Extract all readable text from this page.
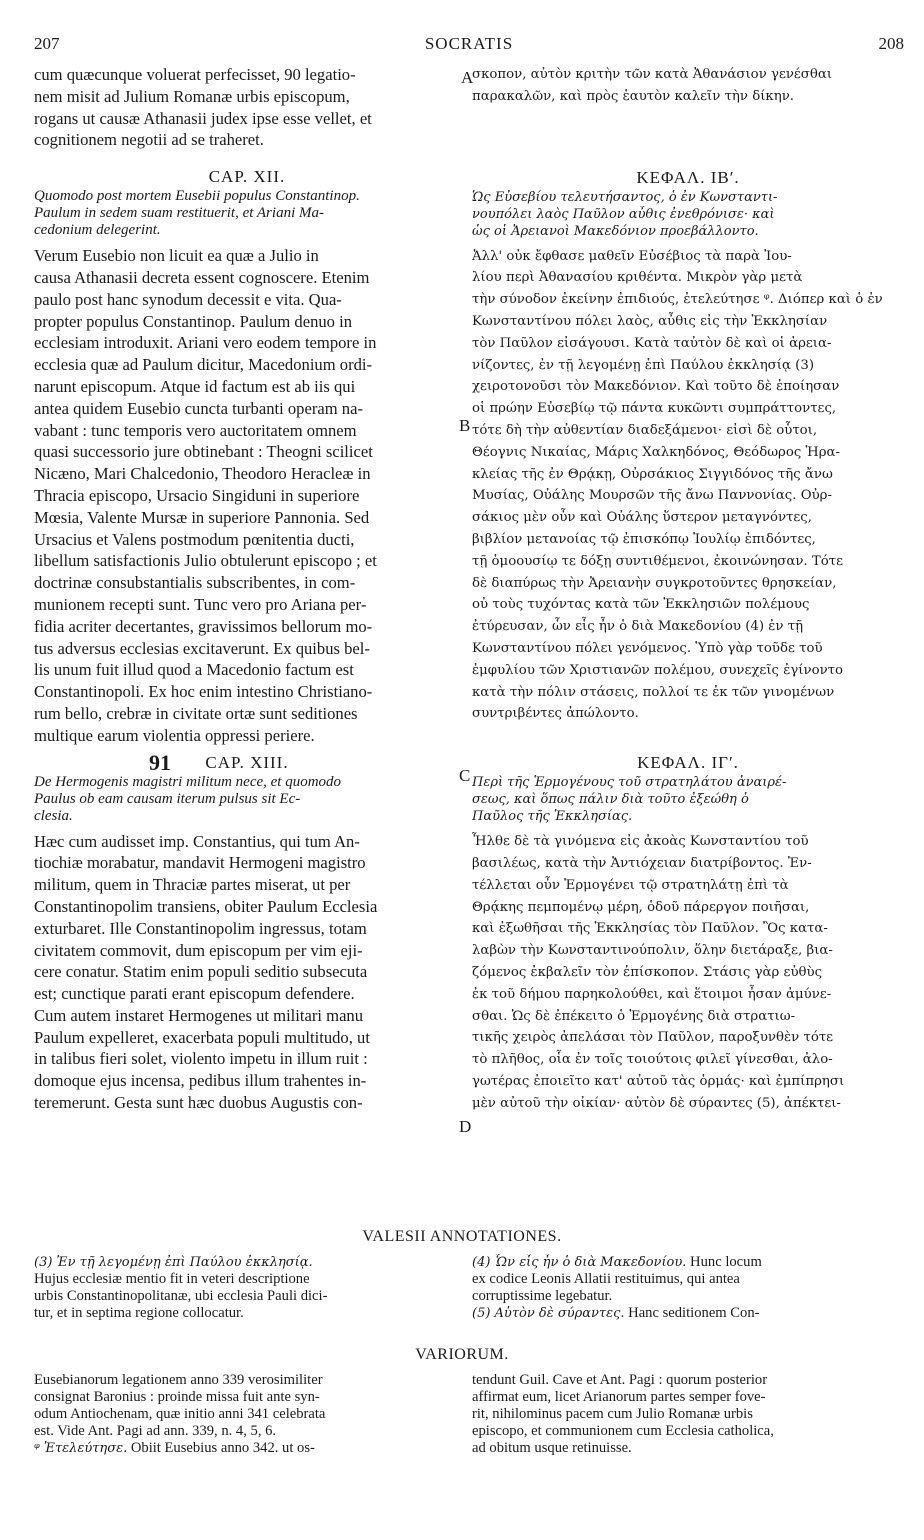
207	SOCRATIS	208
A
B
C
D
cum quæcunque voluerat perfecisset, 90 legatio-
nem misit ad Julium Romanæ urbis episcopum,
rogans ut causæ Athanasii judex ipse esse vellet, et
cognitionem negotii ad se traheret.
CAP. XII.
Quomodo post mortem Eusebii populus Constantinop.
Paulum in sedem suam restituerit, et Ariani Ma-
cedonium delegerint.
Verum Eusebio non licuit ea quæ a Julio in
causa Athanasii decreta essent cognoscere. Etenim
paulo post hanc synodum decessit e vita. Qua-
propter populus Constantinop. Paulum denuo in
ecclesiam introduxit. Ariani vero eodem tempore in
ecclesia quæ ad Paulum dicitur, Macedonium ordi-
narunt episcopum. Atque id factum est ab iis qui
antea quidem Eusebio cuncta turbanti operam na-
vabant : tunc temporis vero auctoritatem omnem
quasi successorio jure obtinebant : Theogni scilicet
Nicæno, Mari Chalcedonio, Theodoro Heracleæ in
Thracia episcopo, Ursacio Singiduni in superiore
Mœsia, Valente Mursæ in superiore Pannonia. Sed
Ursacius et Valens postmodum pœnitentia ducti,
libellum satisfactionis Julio obtulerunt episcopo ; et
doctrinæ consubstantialis subscribentes, in com-
munionem recepti sunt. Tunc vero pro Ariana per-
fidia acriter decertantes, gravissimos bellorum mo-
tus adversus ecclesias excitaverunt. Ex quibus bel-
lis unum fuit illud quod a Macedonio factum est
Constantinopoli. Ex hoc enim intestino Christiano-
rum bello, crebræ in civitate ortæ sunt seditiones
multique earum violentia oppressi periere.
91	CAP. XIII.
De Hermogenis magistri militum nece, et quomodo
Paulus ob eam causam iterum pulsus sit Ec-
clesia.
Hæc cum audisset imp. Constantius, qui tum An-
tiochiæ morabatur, mandavit Hermogeni magistro
militum, quem in Thraciæ partes miserat, ut per
Constantinopolim transiens, obiter Paulum Ecclesia
exturbaret. Ille Constantinopolim ingressus, totam
civitatem commovit, dum episcopum per vim eji-
cere conatur. Statim enim populi seditio subsecuta
est; cunctique parati erant episcopum defendere.
Cum autem instaret Hermogenes ut militari manu
Paulum expelleret, exacerbata populi multitudo, ut
in talibus fieri solet, violento impetu in illum ruit :
domoque ejus incensa, pedibus illum trahentes in-
teremerunt. Gesta sunt hæc duobus Augustis con-
σκοπον, αὐτὸν κριτὴν τῶν κατὰ Ἀθανάσιον γενέσθαι
παρακαλῶν, καὶ πρὸς ἑαυτὸν καλεῖν τὴν δίκην.
ΚΕΦΑΛ. ΙΒʹ.
Ὡς Εὐσεβίου τελευτήσαντος, ὁ ἐν Κωνσταντι-
νουπόλει λαὸς Παῦλον αὖθις ἐνεθρόνισε· καὶ
ὡς οἱ Ἀρειανοὶ Μακεδόνιον προεβάλλοντο.
Ἀλλ' οὐκ ἔφθασε μαθεῖν Εὐσέβιος τὰ παρὰ Ἰου-
λίου περὶ Ἀθανασίου κριθέντα. Μικρὸν γὰρ μετὰ
τὴν σύνοδον ἐκείνην ἐπιδιούς, ἐτελεύτησε ᵠ. Διόπερ καὶ ὁ ἐν
Κωνσταντίνου πόλει λαὸς, αὖθις εἰς τὴν Ἐκκλησίαν
τὸν Παῦλον εἰσάγουσι. Κατὰ ταὐτὸν δὲ καὶ οἱ ἀρεια-
νίζοντες, ἐν τῇ λεγομένῃ ἐπὶ Παύλου ἐκκλησίᾳ (3)
χειροτονοῦσι τὸν Μακεδόνιον. Καὶ τοῦτο δὲ ἐποίησαν
οἱ πρώην Εὐσεβίῳ τῷ πάντα κυκῶντι συμπράττοντες,
τότε δὴ τὴν αὐθεντίαν διαδεξάμενοι· εἰσὶ δὲ οὗτοι,
Θέογνις Νικαίας, Μάρις Χαλκηδόνος, Θεόδωρος Ἡρα-
κλείας τῆς ἐν Θρᾴκῃ, Οὐρσάκιος Σιγγιδόνος τῆς ἄνω
Μυσίας, Οὐάλης Μουρσῶν τῆς ἄνω Παννονίας. Οὐρ-
σάκιος μὲν οὖν καὶ Οὐάλης ὕστερον μεταγνόντες,
βιβλίον μετανοίας τῷ ἐπισκόπῳ Ἰουλίῳ ἐπιδόντες,
τῇ ὁμοουσίῳ τε δόξῃ συντιθέμενοι, ἐκοινώνησαν. Τότε
δὲ διαπύρως τὴν Ἀρειανὴν συγκροτοῦντες θρησκείαν,
οὐ τοὺς τυχόντας κατὰ τῶν Ἐκκλησιῶν πολέμους
ἐτύρευσαν, ὧν εἷς ἦν ὁ διὰ Μακεδονίου (4) ἐν τῇ
Κωνσταντίνου πόλει γενόμενος. Ὑπὸ γὰρ τοῦδε τοῦ
ἐμφυλίου τῶν Χριστιανῶν πολέμου, συνεχεῖς ἐγίνοντο
κατὰ τὴν πόλιν στάσεις, πολλοί τε ἐκ τῶν γινομένων
συντριβέντες ἀπώλοντο.
ΚΕΦΑΛ. ΙΓʹ.
Περὶ τῆς Ἑρμογένους τοῦ στρατηλάτου ἀναιρέ-
σεως, καὶ ὅπως πάλιν διὰ τοῦτο ἐξεώθη ὁ
Παῦλος τῆς Ἐκκλησίας.
Ἦλθε δὲ τὰ γινόμενα εἰς ἀκοὰς Κωνσταντίου τοῦ
βασιλέως, κατὰ τὴν Ἀντιόχειαν διατρίβοντος. Ἐν-
τέλλεται οὖν Ἑρμογένει τῷ στρατηλάτῃ ἐπὶ τὰ
Θρᾴκης πεμπομένῳ μέρη, ὁδοῦ πάρεργον ποιῆσαι,
καὶ ἐξωθῆσαι τῆς Ἐκκλησίας τὸν Παῦλον. Ὃς κατα-
λαβὼν τὴν Κωνσταντινούπολιν, ὅλην διετάραξε, βια-
ζόμενος ἐκβαλεῖν τὸν ἐπίσκοπον. Στάσις γὰρ εὐθὺς
ἐκ τοῦ δήμου παρηκολούθει, καὶ ἕτοιμοι ἦσαν ἀμύνε-
σθαι. Ὡς δὲ ἐπέκειτο ὁ Ἑρμογένης διὰ στρατιω-
τικῆς χειρὸς ἀπελάσαι τὸν Παῦλον, παροξυνθὲν τότε
τὸ πλῆθος, οἷα ἐν τοῖς τοιούτοις φιλεῖ γίνεσθαι, ἀλο-
γωτέρας ἐποιεῖτο κατ' αὐτοῦ τὰς ὁρμάς· καὶ ἐμπίπρησι
μὲν αὐτοῦ τὴν οἰκίαν· αὐτὸν δὲ σύραντες (5), ἀπέκτει-
VALESII ANNOTATIONES.
(3) Ἐν τῇ λεγομένῃ ἐπὶ Παύλου ἐκκλησίᾳ.
Hujus ecclesiæ mentio fit in veteri descriptione
urbis Constantinopolitanæ, ubi ecclesia Pauli dici-
tur, et in septima regione collocatur.
(4) Ὧν εἷς ἦν ὁ διὰ Μακεδονίου. Hunc locum
ex codice Leonis Allatii restituimus, qui antea
corruptissime legebatur.
(5) Αὐτὸν δὲ σύραντες. Hanc seditionem Con-
VARIORUM.
Eusebianorum legationem anno 339 verosimiliter
consignat Baronius : proinde missa fuit ante syn-
odum Antiochenam, quæ initio anni 341 celebrata
est. Vide Ant. Pagi ad ann. 339, n. 4, 5, 6.
ᵠ Ἐτελεύτησε. Obiit Eusebius anno 342. ut os-
tendunt Guil. Cave et Ant. Pagi : quorum posterior
affirmat eum, licet Arianorum partes semper fove-
rit, nihilominus pacem cum Julio Romanæ urbis
episcopo, et communionem cum Ecclesia catholica,
ad obitum usque retinuisse.
